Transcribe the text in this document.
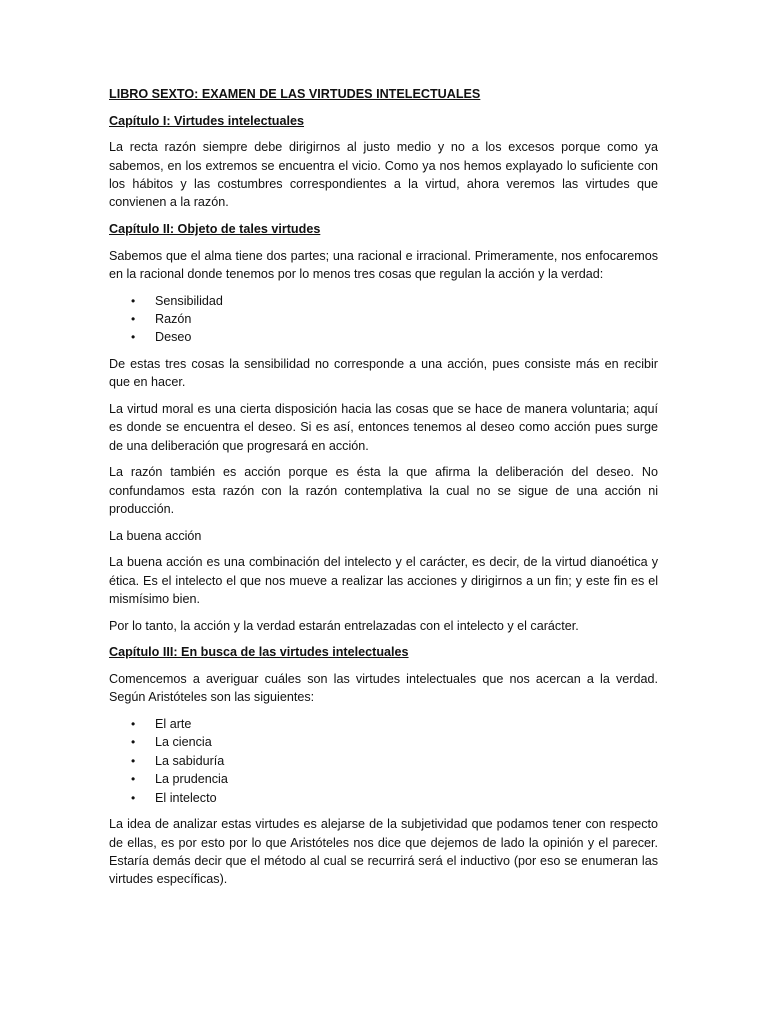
LIBRO SEXTO: EXAMEN DE LAS VIRTUDES INTELECTUALES

Capítulo I: Virtudes intelectuales

La recta razón siempre debe dirigirnos al justo medio y no a los excesos porque como ya sabemos, en los extremos se encuentra el vicio. Como ya nos hemos explayado lo suficiente con los hábitos y las costumbres correspondientes a la virtud, ahora veremos las virtudes que convienen a la razón.

Capítulo II: Objeto de tales virtudes

Sabemos que el alma tiene dos partes; una racional e irracional. Primeramente, nos enfocaremos en la racional donde tenemos por lo menos tres cosas que regulan la acción y la verdad:

• Sensibilidad
• Razón
• Deseo

De estas tres cosas la sensibilidad no corresponde a una acción, pues consiste más en recibir que en hacer.

La virtud moral es una cierta disposición hacia las cosas que se hace de manera voluntaria; aquí es donde se encuentra el deseo. Si es así, entonces tenemos al deseo como acción pues surge de una deliberación que progresará en acción.

La razón también es acción porque es ésta la que afirma la deliberación del deseo. No confundamos esta razón con la razón contemplativa la cual no se sigue de una acción ni producción.

La buena acción

La buena acción es una combinación del intelecto y el carácter, es decir, de la virtud dianoética y ética. Es el intelecto el que nos mueve a realizar las acciones y dirigirnos a un fin; y este fin es el mismísimo bien.

Por lo tanto, la acción y la verdad estarán entrelazadas con el intelecto y el carácter.

Capítulo III: En busca de las virtudes intelectuales

Comencemos a averiguar cuáles son las virtudes intelectuales que nos acercan a la verdad. Según Aristóteles son las siguientes:

• El arte
• La ciencia
• La sabiduría
• La prudencia
• El intelecto

La idea de analizar estas virtudes es alejarse de la subjetividad que podamos tener con respecto de ellas, es por esto por lo que Aristóteles nos dice que dejemos de lado la opinión y el parecer. Estaría demás decir que el método al cual se recurrirá será el inductivo (por eso se enumeran las virtudes específicas).
